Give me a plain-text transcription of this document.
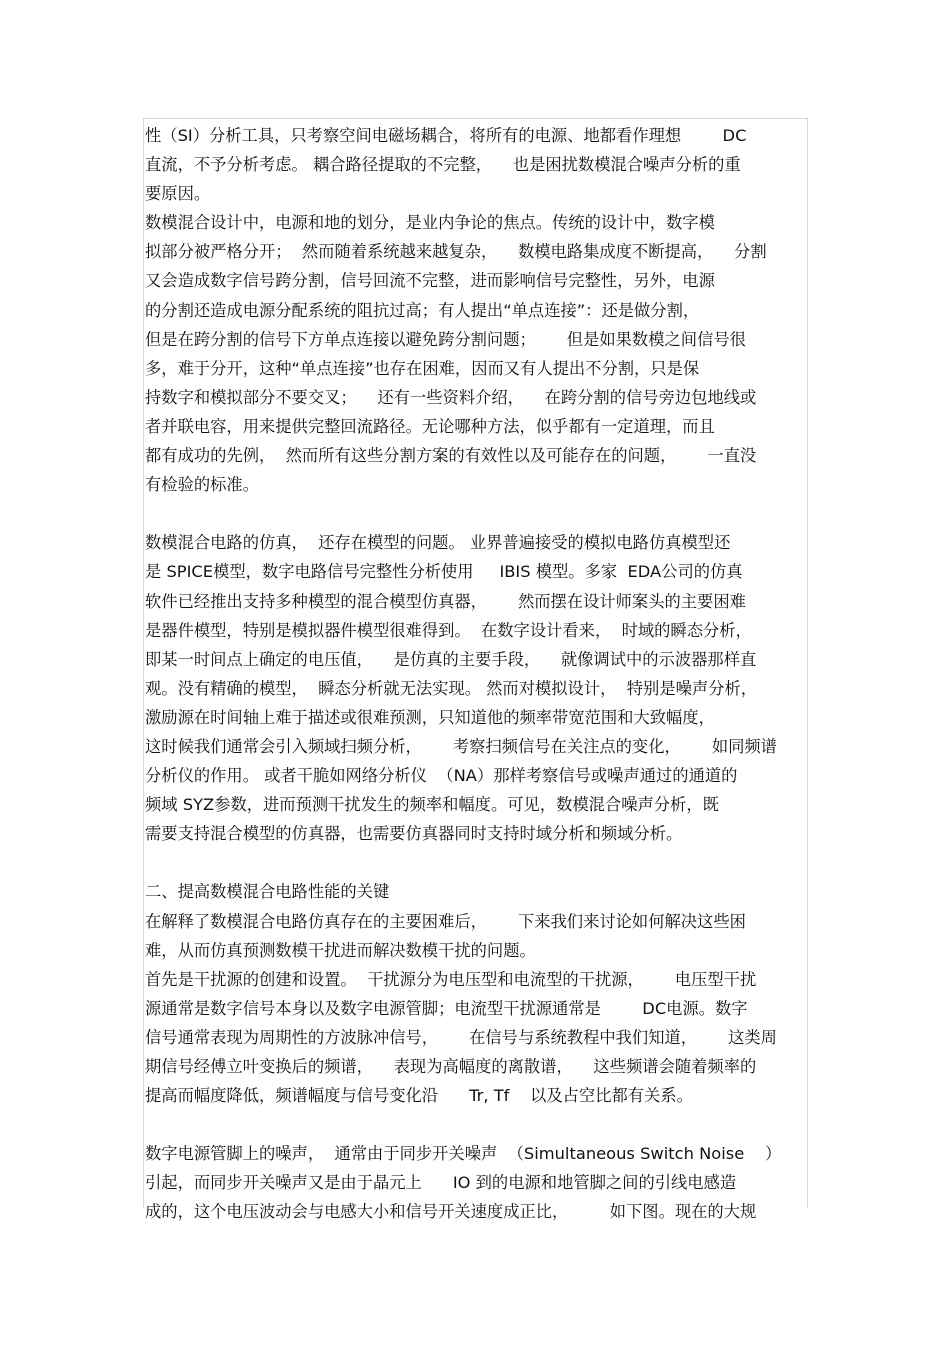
性（SI）分析工具，只考察空间电磁场耦合，将所有的电源、地都看作理想        DC
直流，不予分析考虑。 耦合路径提取的不完整，    也是困扰数模混合噪声分析的重
要原因。
数模混合设计中，电源和地的划分，是业内争论的焦点。传统的设计中，数字模
拟部分被严格分开；  然而随着系统越来越复杂，    数模电路集成度不断提高，    分割
又会造成数字信号跨分割，信号回流不完整，进而影响信号完整性，另外，电源
的分割还造成电源分配系统的阻抗过高；有人提出“单点连接”：还是做分割，
但是在跨分割的信号下方单点连接以避免跨分割问题；      但是如果数模之间信号很
多，难于分开，这种“单点连接”也存在困难，因而又有人提出不分割，只是保
持数字和模拟部分不要交叉；    还有一些资料介绍，    在跨分割的信号旁边包地线或
者并联电容，用来提供完整回流路径。无论哪种方法，似乎都有一定道理，而且
都有成功的先例，  然而所有这些分割方案的有效性以及可能存在的问题，      一直没
有检验的标准。
数模混合电路的仿真，  还存在模型的问题。 业界普遍接受的模拟电路仿真模型还
是 SPICE模型，数字电路信号完整性分析使用     IBIS 模型。多家  EDA公司的仿真
软件已经推出支持多种模型的混合模型仿真器，      然而摆在设计师案头的主要困难
是器件模型，特别是模拟器件模型很难得到。  在数字设计看来，  时域的瞬态分析，
即某一时间点上确定的电压值，    是仿真的主要手段，    就像调试中的示波器那样直
观。没有精确的模型，  瞬态分析就无法实现。 然而对模拟设计，  特别是噪声分析，
激励源在时间轴上难于描述或很难预测，只知道他的频率带宽范围和大致幅度，
这时候我们通常会引入频域扫频分析，      考察扫频信号在关注点的变化，      如同频谱
分析仪的作用。 或者干脆如网络分析仪  （NA）那样考察信号或噪声通过的通道的
频域 SYZ参数，进而预测干扰发生的频率和幅度。可见，数模混合噪声分析，既
需要支持混合模型的仿真器，也需要仿真器同时支持时域分析和频域分析。
二、提高数模混合电路性能的关键
在解释了数模混合电路仿真存在的主要困难后，      下来我们来讨论如何解决这些困
难，从而仿真预测数模干扰进而解决数模干扰的问题。
首先是干扰源的创建和设置。  干扰源分为电压型和电流型的干扰源，      电压型干扰
源通常是数字信号本身以及数字电源管脚；电流型干扰源通常是        DC电源。数字
信号通常表现为周期性的方波脉冲信号，      在信号与系统教程中我们知道，      这类周
期信号经傅立叶变换后的频谱，    表现为高幅度的离散谱，    这些频谱会随着频率的
提高而幅度降低，频谱幅度与信号变化沿      Tr, Tf    以及占空比都有关系。
数字电源管脚上的噪声，  通常由于同步开关噪声  （Simultaneous Switch Noise    ）
引起，而同步开关噪声又是由于晶元上      IO 到的电源和地管脚之间的引线电感造
成的，这个电压波动会与电感大小和信号开关速度成正比，        如下图。现在的大规
